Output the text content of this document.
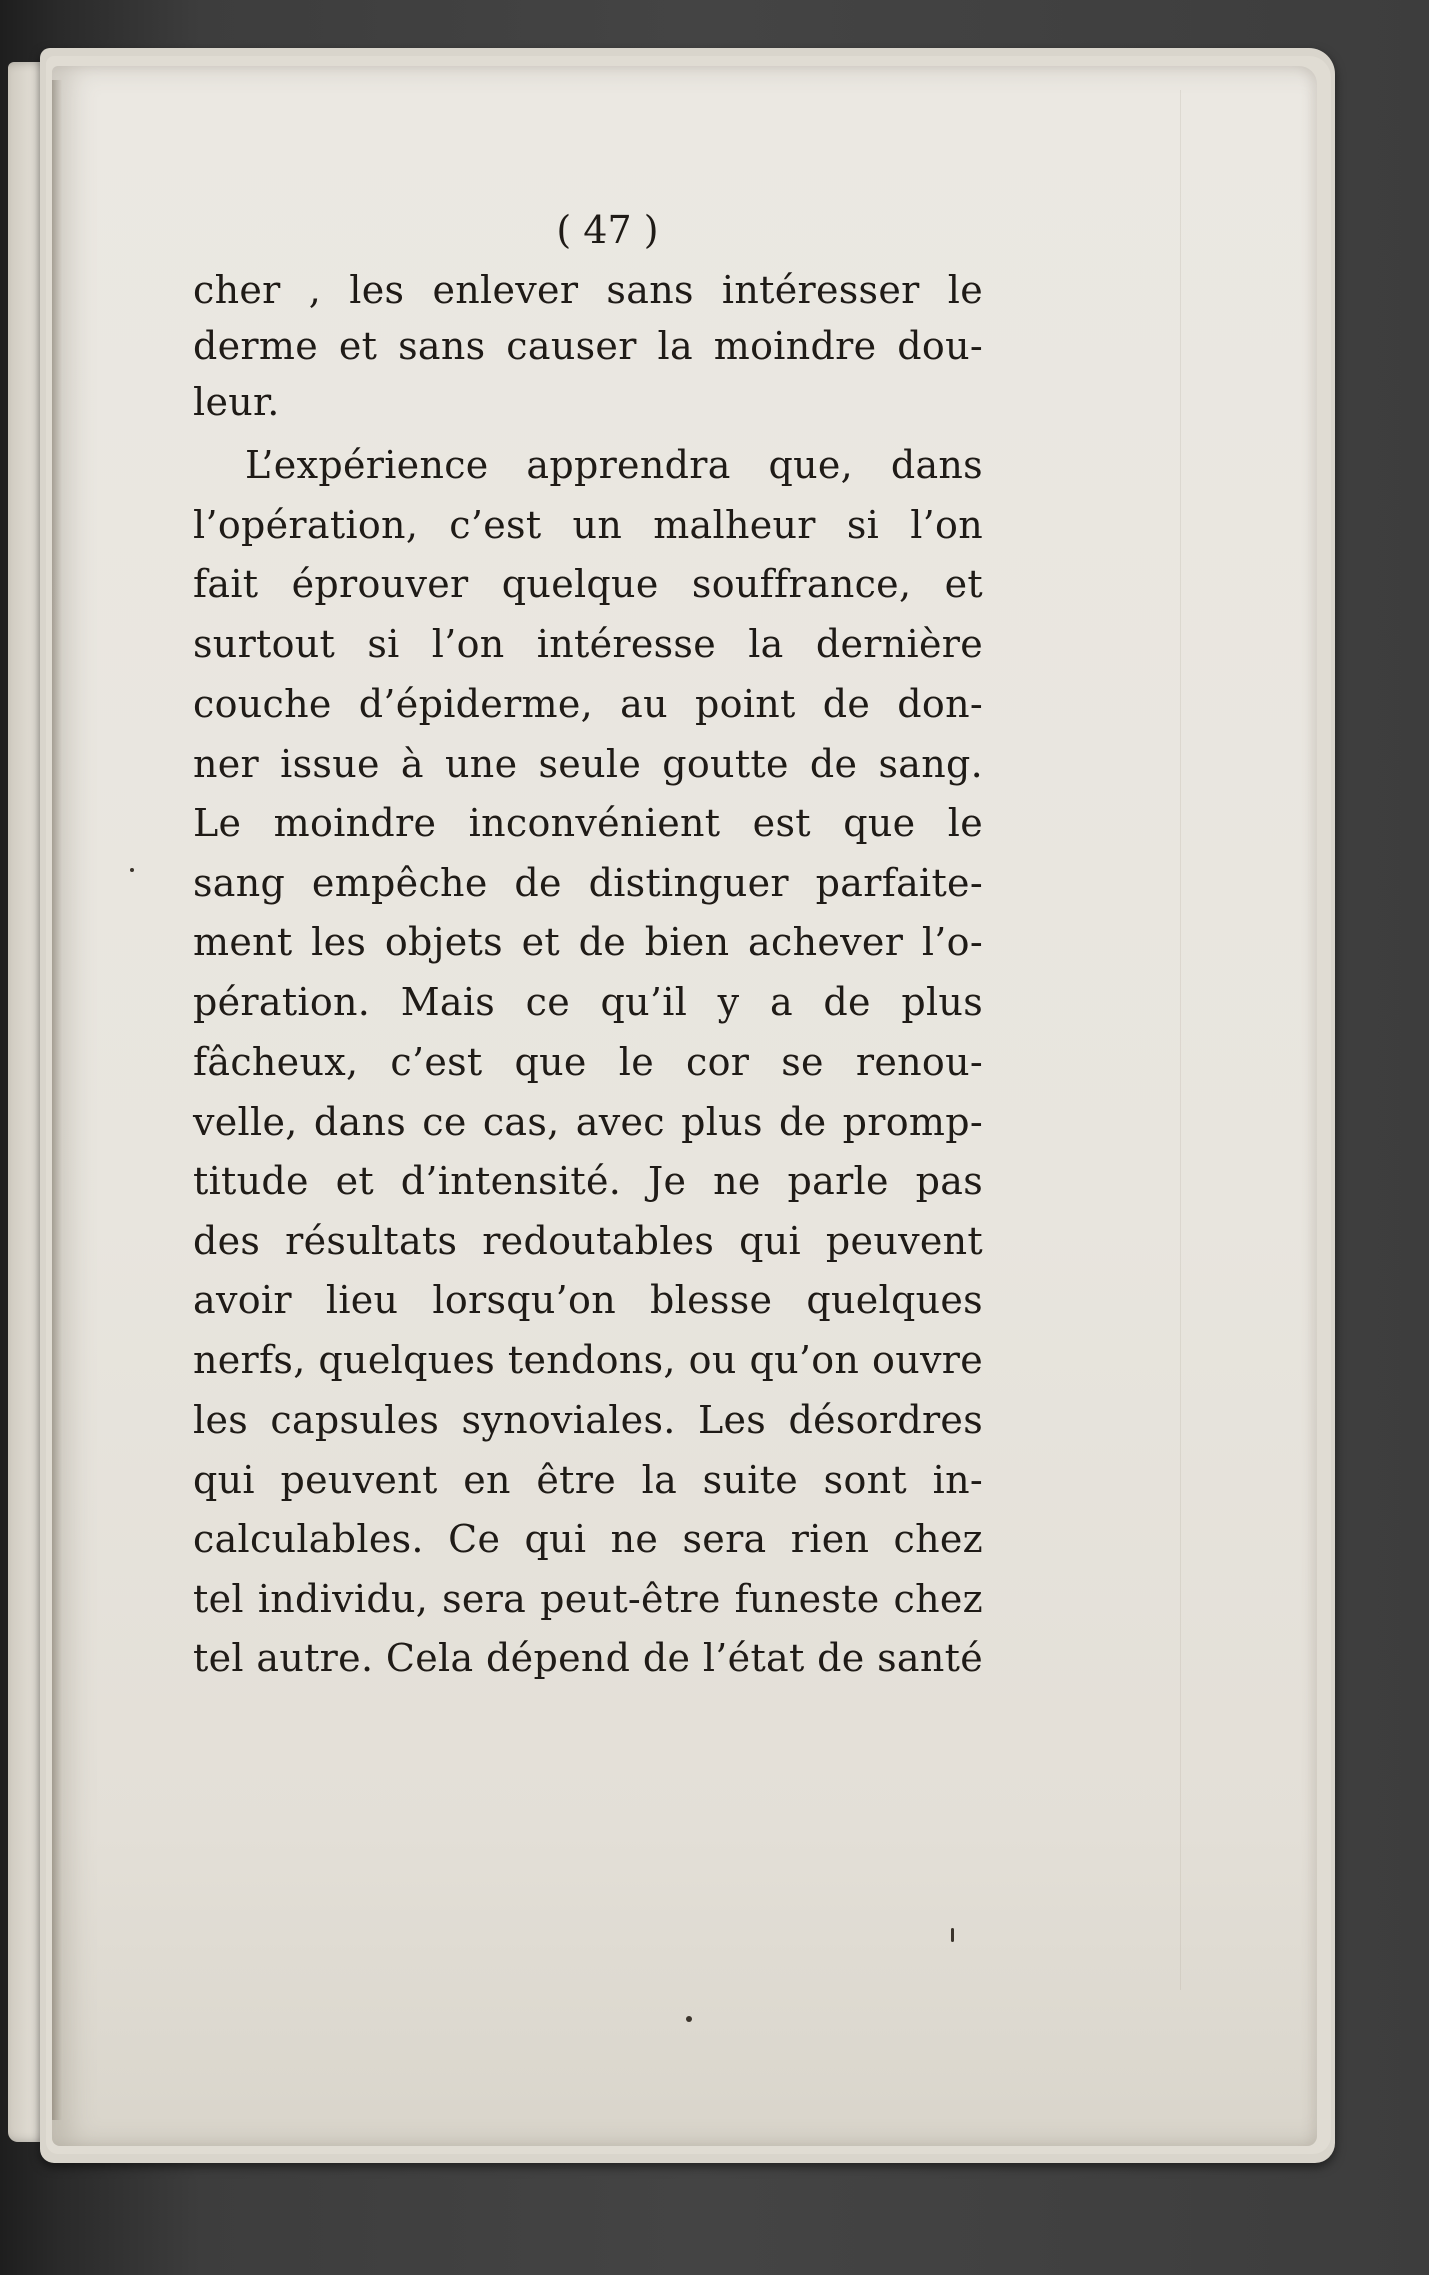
( 47 )
cher , les enlever sans intéresser le
derme et sans causer la moindre dou-
leur.
L’expérience apprendra que, dans
l’opération, c’est un malheur si l’on
fait éprouver quelque souffrance, et
surtout si l’on intéresse la dernière
couche d’épiderme, au point de don-
ner issue à une seule goutte de sang.
Le moindre inconvénient est que le
sang empêche de distinguer parfaite-
ment les objets et de bien achever l’o-
pération. Mais ce qu’il y a de plus
fâcheux, c’est que le cor se renou-
velle, dans ce cas, avec plus de promp-
titude et d’intensité. Je ne parle pas
des résultats redoutables qui peuvent
avoir lieu lorsqu’on blesse quelques
nerfs, quelques tendons, ou qu’on ouvre
les capsules synoviales. Les désordres
qui peuvent en être la suite sont in-
calculables. Ce qui ne sera rien chez
tel individu, sera peut-être funeste chez
tel autre. Cela dépend de l’état de santé
